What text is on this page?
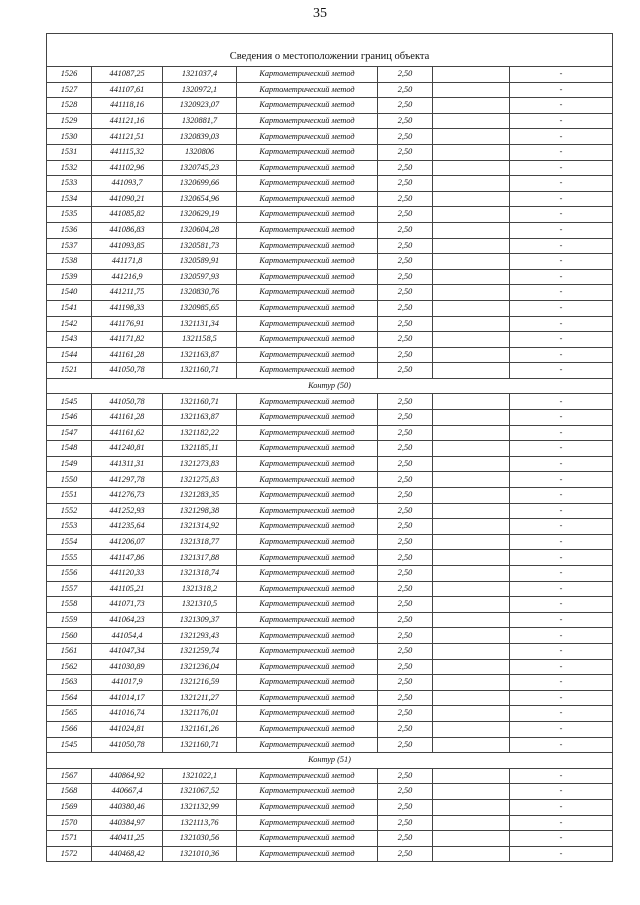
35
Сведения о местоположении границ объекта						
1526	441087,25	1321037,4	Картометрический метод	2,50		-
1527	441107,61	1320972,1	Картометрический метод	2,50		-
1528	441118,16	1320923,07	Картометрический метод	2,50		-
1529	441121,16	1320881,7	Картометрический метод	2,50		-
1530	441121,51	1320839,03	Картометрический метод	2,50		-
1531	441115,32	1320806	Картометрический метод	2,50		-
1532	441102,96	1320745,23	Картометрический метод	2,50		-
1533	441093,7	1320699,66	Картометрический метод	2,50		-
1534	441090,21	1320654,96	Картометрический метод	2,50		-
1535	441085,82	1320629,19	Картометрический метод	2,50		-
1536	441086,83	1320604,28	Картометрический метод	2,50		-
1537	441093,85	1320581,73	Картометрический метод	2,50		-
1538	441171,8	1320589,91	Картометрический метод	2,50		-
1539	441216,9	1320597,93	Картометрический метод	2,50		-
1540	441211,75	1320830,76	Картометрический метод	2,50		-
1541	441198,33	1320985,65	Картометрический метод	2,50		-
1542	441176,91	1321131,34	Картометрический метод	2,50		-
1543	441171,82	1321158,5	Картометрический метод	2,50		-
1544	441161,28	1321163,87	Картометрический метод	2,50		-
1521	441050,78	1321160,71	Картометрический метод	2,50		-
Контур (50)						
1545	441050,78	1321160,71	Картометрический метод	2,50		-
1546	441161,28	1321163,87	Картометрический метод	2,50		-
1547	441161,62	1321182,22	Картометрический метод	2,50		-
1548	441240,81	1321185,11	Картометрический метод	2,50		-
1549	441311,31	1321273,83	Картометрический метод	2,50		-
1550	441297,78	1321275,83	Картометрический метод	2,50		-
1551	441276,73	1321283,35	Картометрический метод	2,50		-
1552	441252,93	1321298,38	Картометрический метод	2,50		-
1553	441235,64	1321314,92	Картометрический метод	2,50		-
1554	441206,07	1321318,77	Картометрический метод	2,50		-
1555	441147,86	1321317,88	Картометрический метод	2,50		-
1556	441120,33	1321318,74	Картометрический метод	2,50		-
1557	441105,21	1321318,2	Картометрический метод	2,50		-
1558	441071,73	1321310,5	Картометрический метод	2,50		-
1559	441064,23	1321309,37	Картометрический метод	2,50		-
1560	441054,4	1321293,43	Картометрический метод	2,50		-
1561	441047,34	1321259,74	Картометрический метод	2,50		-
1562	441030,89	1321236,04	Картометрический метод	2,50		-
1563	441017,9	1321216,59	Картометрический метод	2,50		-
1564	441014,17	1321211,27	Картометрический метод	2,50		-
1565	441016,74	1321176,01	Картометрический метод	2,50		-
1566	441024,81	1321161,26	Картометрический метод	2,50		-
1545	441050,78	1321160,71	Картометрический метод	2,50		-
Контур (51)						
1567	440864,92	1321022,1	Картометрический метод	2,50		-
1568	440667,4	1321067,52	Картометрический метод	2,50		-
1569	440380,46	1321132,99	Картометрический метод	2,50		-
1570	440384,97	1321113,76	Картометрический метод	2,50		-
1571	440411,25	1321030,56	Картометрический метод	2,50		-
1572	440468,42	1321010,36	Картометрический метод	2,50		-
